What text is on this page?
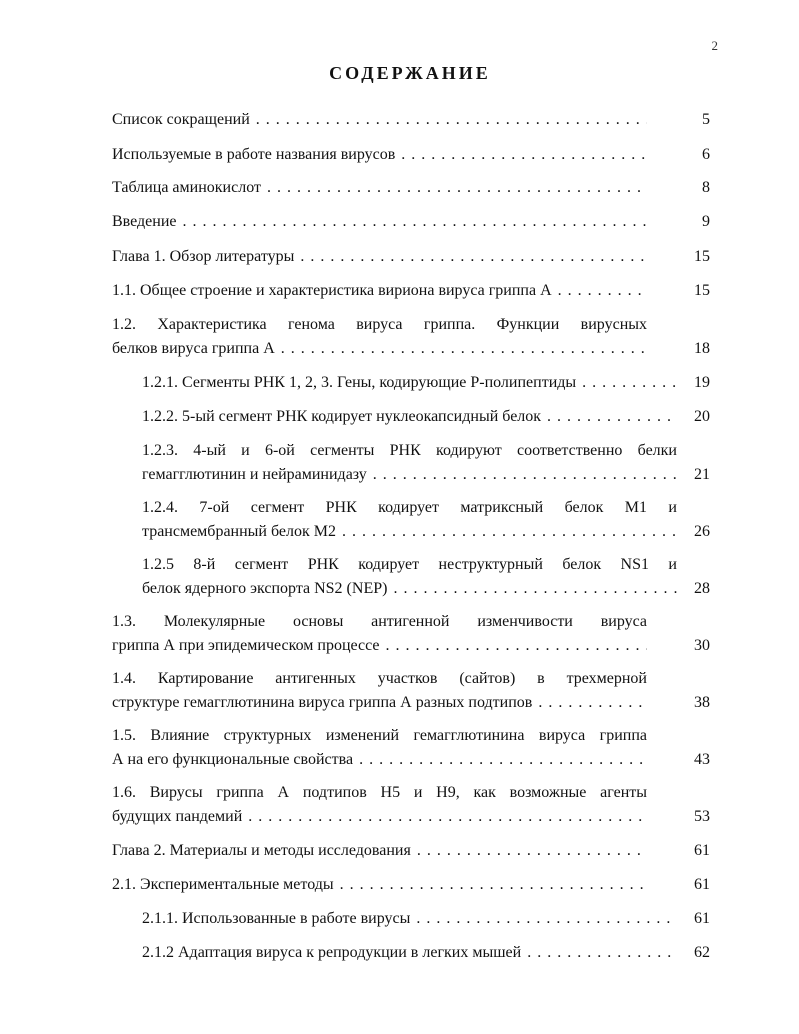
2
СОДЕРЖАНИЕ
Список сокращений . . .	5
Используемые в работе названия вирусов . . .	6
Таблица аминокислот . . .	8
Введение . . .	9
Глава 1. Обзор литературы . . .	15
1.1. Общее строение и характеристика вириона вируса гриппа А . . .	15
1.2. Характеристика генома вируса гриппа. Функции вирусных
белков вируса гриппа А . . .	18
1.2.1. Сегменты РНК 1, 2, 3. Гены, кодирующие Р-полипептиды . . .	19
1.2.2. 5-ый сегмент РНК кодирует нуклеокапсидный белок . . .	20
1.2.3. 4-ый и 6-ой сегменты РНК кодируют соответственно белки
гемагглютинин и нейраминидазу . . .	21
1.2.4. 7-ой сегмент РНК кодирует матриксный белок M1 и
трансмембранный белок M2 . . .	26
1.2.5 8-й сегмент РНК кодирует неструктурный белок NS1 и
белок ядерного экспорта NS2 (NEP) . . .	28
1.3. Молекулярные основы антигенной изменчивости вируса
гриппа А при эпидемическом процессе . . .	30
1.4. Картирование антигенных участков (сайтов) в трехмерной
структуре гемагглютинина вируса гриппа А разных подтипов . . .	38
1.5. Влияние структурных изменений гемагглютинина вируса гриппа
А на его функциональные свойства . . .	43
1.6. Вирусы гриппа А подтипов Н5 и Н9, как возможные агенты
будущих пандемий . . .	53
Глава 2. Материалы и методы исследования . . .	61
2.1. Экспериментальные методы . . .	61
2.1.1. Использованные в работе вирусы . . .	61
2.1.2 Адаптация вируса к репродукции в легких мышей . . .	62
